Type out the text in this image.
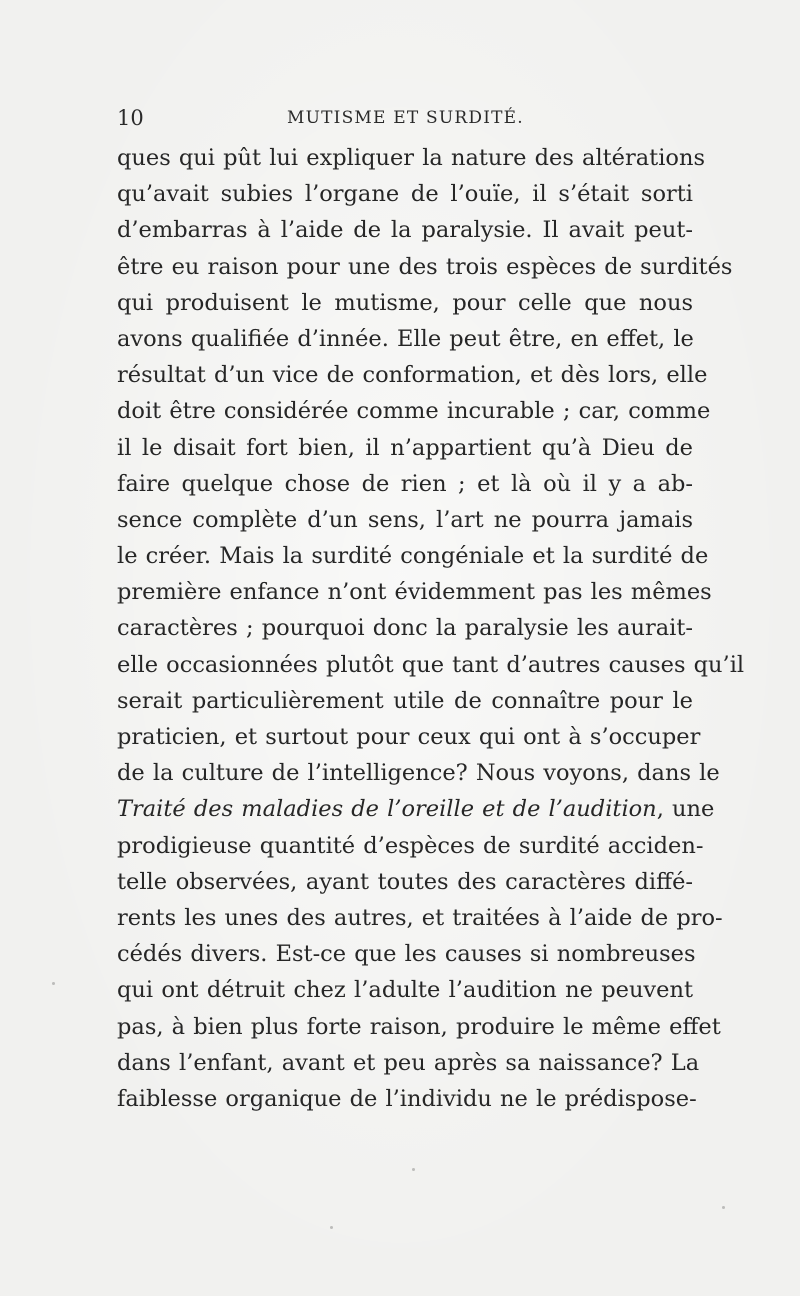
10	MUTISME ET SURDITÉ.
ques qui pût lui expliquer la nature des altérations
qu’avait subies l’organe de l’ouïe, il s’était sorti
d’embarras à l’aide de la paralysie. Il avait peut-
être eu raison pour une des trois espèces de surdités
qui produisent le mutisme, pour celle que nous
avons qualifiée d’innée. Elle peut être, en effet, le
résultat d’un vice de conformation, et dès lors, elle
doit être considérée comme incurable ; car, comme
il le disait fort bien, il n’appartient qu’à Dieu de
faire quelque chose de rien ; et là où il y a ab-
sence complète d’un sens, l’art ne pourra jamais
le créer. Mais la surdité congéniale et la surdité de
première enfance n’ont évidemment pas les mêmes
caractères ; pourquoi donc la paralysie les aurait-
elle occasionnées plutôt que tant d’autres causes qu’il
serait particulièrement utile de connaître pour le
praticien, et surtout pour ceux qui ont à s’occuper
de la culture de l’intelligence? Nous voyons, dans le
Traité des maladies de l’oreille et de l’audition, une
prodigieuse quantité d’espèces de surdité acciden-
telle observées, ayant toutes des caractères diffé-
rents les unes des autres, et traitées à l’aide de pro-
cédés divers. Est-ce que les causes si nombreuses
qui ont détruit chez l’adulte l’audition ne peuvent
pas, à bien plus forte raison, produire le même effet
dans l’enfant, avant et peu après sa naissance? La
faiblesse organique de l’individu ne le prédispose-
